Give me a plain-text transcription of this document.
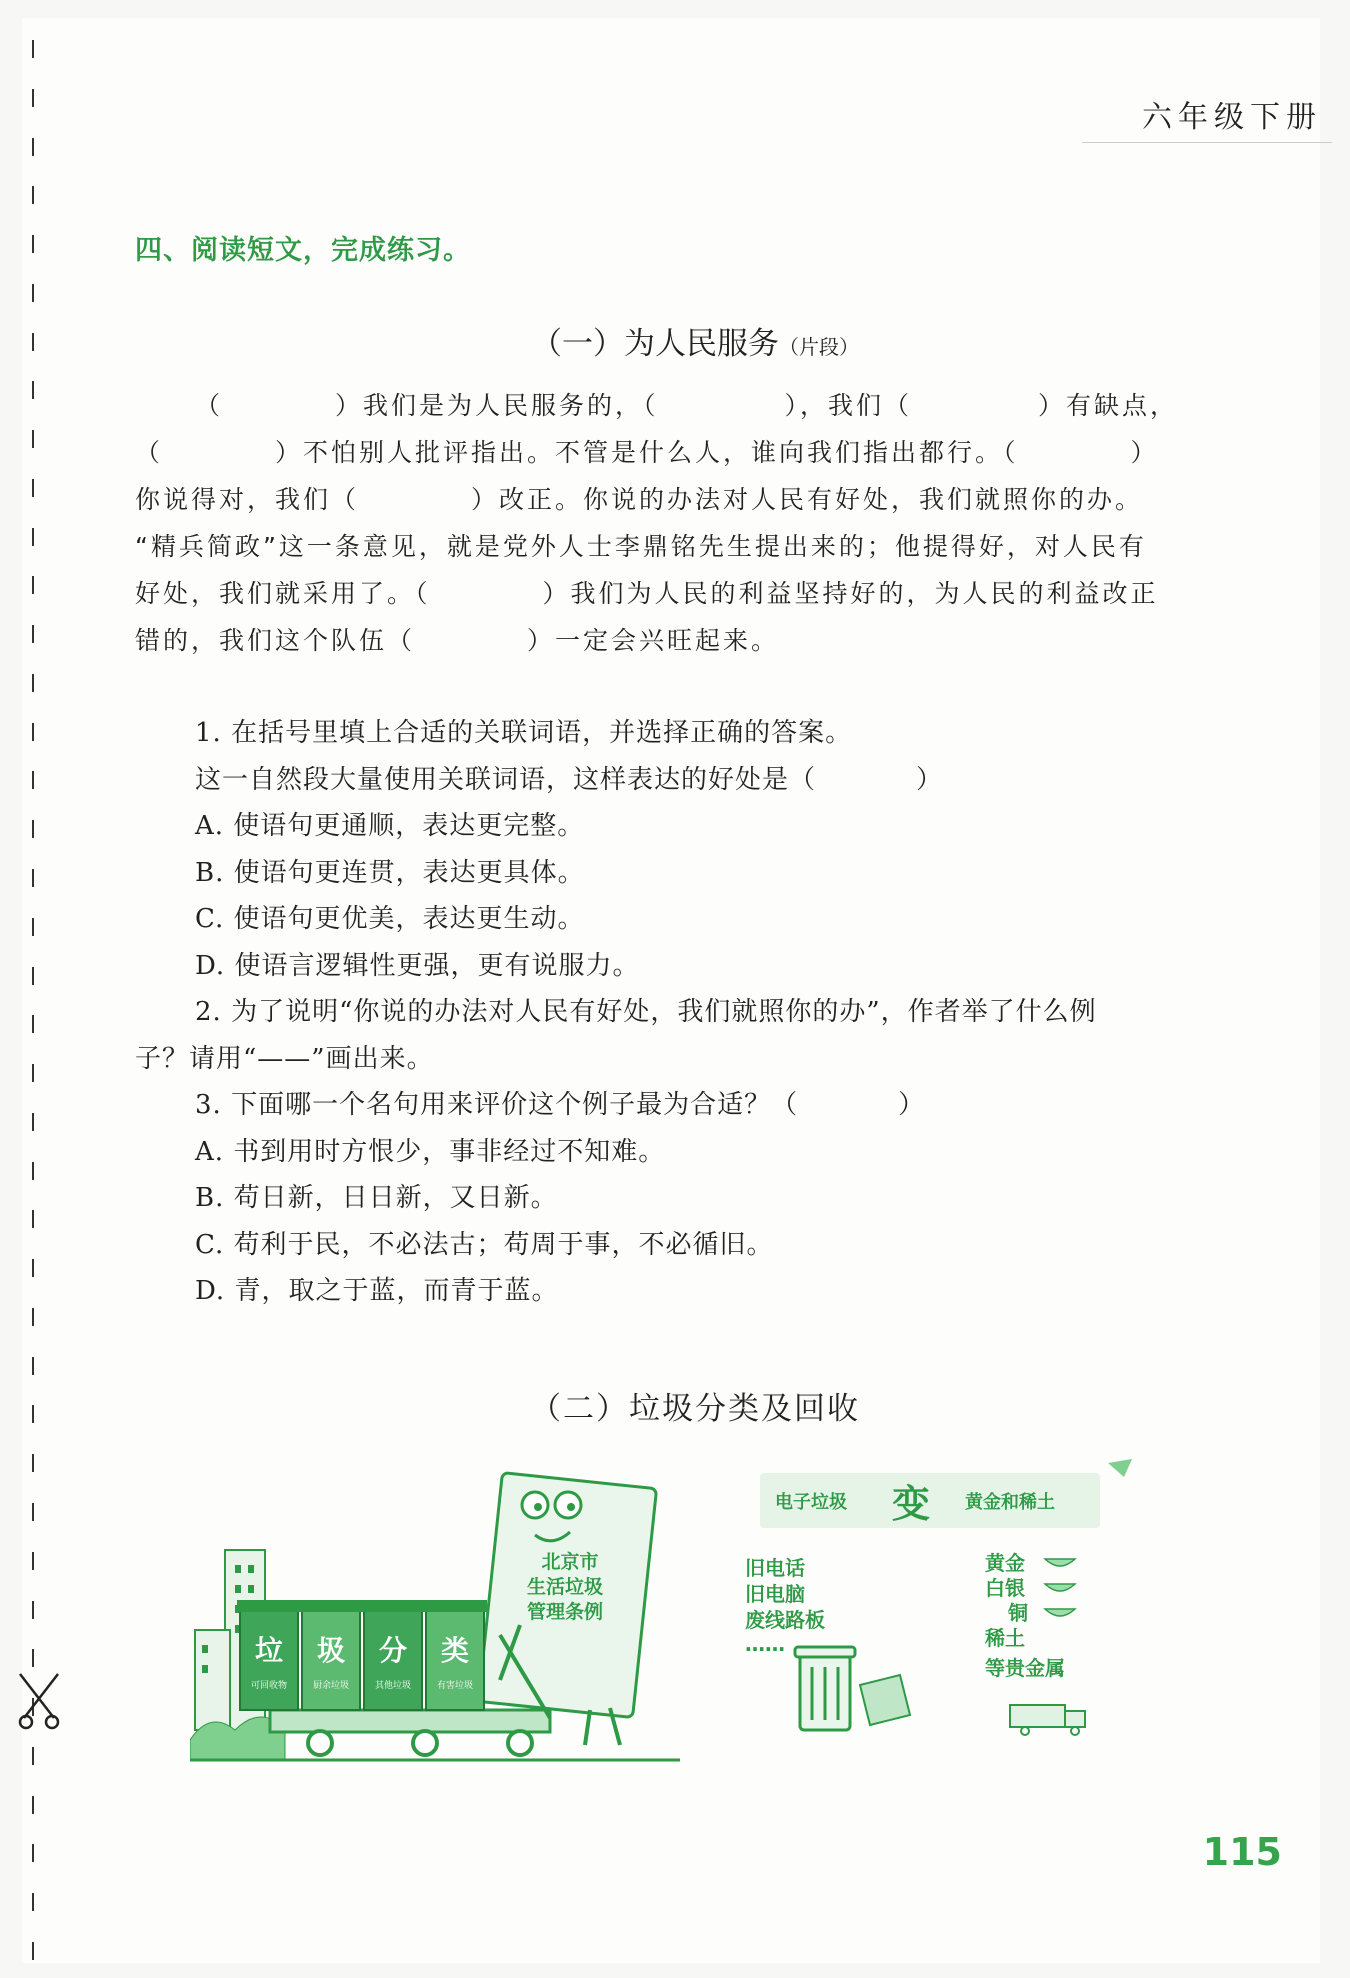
六年级下册
四、阅读短文，完成练习。
（一）为人民服务（片段）
（	）我们是为人民服务的，（	），我们（	）有缺点，
（	）不怕别人批评指出。不管是什么人，谁向我们指出都行。（	）
你说得对，我们（	）改正。你说的办法对人民有好处，我们就照你的办。
“精兵简政”这一条意见，就是党外人士李鼎铭先生提出来的；他提得好，对人民有
好处，我们就采用了。（	）我们为人民的利益坚持好的，为人民的利益改正
错的，我们这个队伍（	）一定会兴旺起来。
1. 在括号里填上合适的关联词语，并选择正确的答案。
这一自然段大量使用关联词语，这样表达的好处是（	）
A. 使语句更通顺，表达更完整。
B. 使语句更连贯，表达更具体。
C. 使语句更优美，表达更生动。
D. 使语言逻辑性更强，更有说服力。
2. 为了说明“你说的办法对人民有好处，我们就照你的办”，作者举了什么例
子？请用“——”画出来。
3. 下面哪一个名句用来评价这个例子最为合适？（	）
A. 书到用时方恨少，事非经过不知难。
B. 苟日新，日日新，又日新。
C. 苟利于民，不必法古；苟周于事，不必循旧。
D. 青，取之于蓝，而青于蓝。
（二）垃圾分类及回收
北京市
生活垃圾
管理条例
垃
可回收物
圾
厨余垃圾
分
其他垃圾
类
有害垃圾
电子垃圾 变 黄金和稀土
旧电话
旧电脑
废线路板
……
黄金
白银
铜
稀土
等贵金属
115
